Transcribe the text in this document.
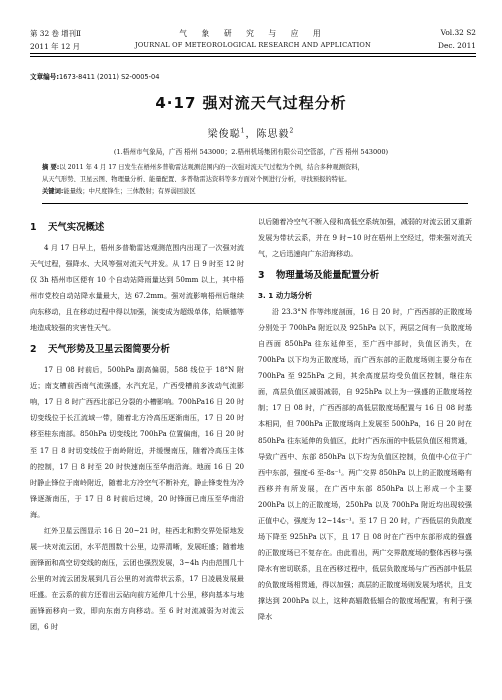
第 32 卷 增刊Ⅱ	气 象 研 究 与 应 用	Vol.32 S2
2011 年 12 月	JOURNAL OF METEOROLOGICAL RESEARCH AND APPLICATION	Dec. 2011
文章编号:1673-8411 (2011) S2-0005-04
4·17 强对流天气过程分析
梁俊聪$^1$，陈思毅$^2$
(1.梧州市气象局，广西 梧州 543000；2.梧州机场集团有限公司空管部，广西 梧州 543000)
摘 要:以 2011 年 4 月 17 日发生在梧州多普勒雷达观测范围内的一次强对流天气过程为个例，结合多种观测资料，
从天气形势、卫星云图、物理量分析、能量配置、多普勒雷达资料等多方面对个例进行分析，寻找预报的特征。
关键词:能量线；中尺度锋生；三体散射；有界弱回波区
1 天气实况概述

4 月 17 日早上，梧州多普勒雷达观测范围内出现了一次强对流天气过程，强降水、大风等强对流天气并发。从 17 日 9 时至 12 时仅 3h 梧州市区便有 10 个自动站降雨量达到 50mm 以上，其中梧州市党校自动站降水量最大，达 67.2mm。强对流影响梧州后继续向东移动，且在移动过程中得以加强，演变成为超级单体，给顺德等地造成较强的灾害性天气。

2 天气形势及卫星云图简要分析

17 日 08 时前后，500hPa 副高偏弱，588 线位于 18°N 附近；南支槽前西南气流强盛，水汽充足，广西受槽前多波动气流影响，17 日 8 时广西西北部已分裂的小槽影响。700hPa16 日 20 时切变线位于长江流域一带，随着北方冷高压逐渐南压，17 日 20 时移至桂东南部。850hPa 切变线比 700hPa 位置偏南，16 日 20 时至 17 日 8 时切变线位于南岭附近，并缓慢南压，随着冷高压主体的控制，17 日 8 时至 20 时快速南压至华南沿海。地面 16 日 20 时静止锋位于南岭附近，随着北方冷空气不断补充，静止锋变性为冷锋逐渐南压，于 17 日 8 时前后过境，20 时锋面已南压至华南沿海。

红外卫星云图显示 16 日 20~21 时，桂西北和黔交界处原地发展一块对流云团，水平范围数十公里，边界清晰，发展旺盛；随着地面锋面和高空切变线的南压，云团也强烈发展，3~4h 内由范围几十公里的对流云团发展到几百公里的对流带状云系，17 日凌晨发展最旺盛。在云系的前方还看出云砧向前方延伸几十公里，移向基本与地面锋面移向一致，即向东南方向移动。至 6 时对流减弱为对流云团，6 时

以后随着冷空气不断入侵和高低空系统加强，减弱的对流云团又重新发展为带状云系，并在 9 时~10 时在梧州上空经过，带来强对流天气，之后迅速向广东沿海移动。

3 物理量场及能量配置分析
3. 1 动力场分析

沿 23.3°N 作等纬度剖面，16 日 20 时，广西西部的正散度场分别处于 700hPa 附近以及 925hPa 以下，两层之间有一负散度场自西面 850hPa 往东延伸至，至广西中部时，负值区消失，在 700hPa 以下均为正散度场，而广西东部的正散度场则主要分布在 700hPa 至 925hPa 之间，其余高度层均受负值区控制，继往东面，高层负值区减弱减弱，自 925hPa 以上为一强盛的正散度场控制；17 日 08 时，广西西部的高低层散度场配置与 16 日 08 时基本相同，但 700hPa 正散度场向上发展至 500hPa，16 日 20 时在 850hPa 往东延伸的负值区，此时广西东面的中低层负值区相贯通，导致广西中、东部 850hPa 以下均为负值区控制，负值中心位于广西中东部，强度-6 至-8s⁻¹。两广交界 850hPa 以上的正散度场略有西移并有所发展，在广西中东部 850hPa 以上形成一个主要 200hPa 以上的正散度场，250hPa 以及 700hPa 附近均出现较强正值中心，强度为 12~14s⁻¹。至 17 日 20 时，广西低层的负散度场下降至 925hPa 以下，且 17 日 08 时在广西中东部形成的强盛的正散度场已不复存在。由此看出，两广交界散度场的整体西移与强降水有密切联系，且在西移过程中，低层负散度场与广西西部中低层的负散度场相贯通，得以加强；高层的正散度场则发展为塔状，且支撑达到 200hPa 以上，这种高辐散低辐合的散度场配置，有利于强降水
